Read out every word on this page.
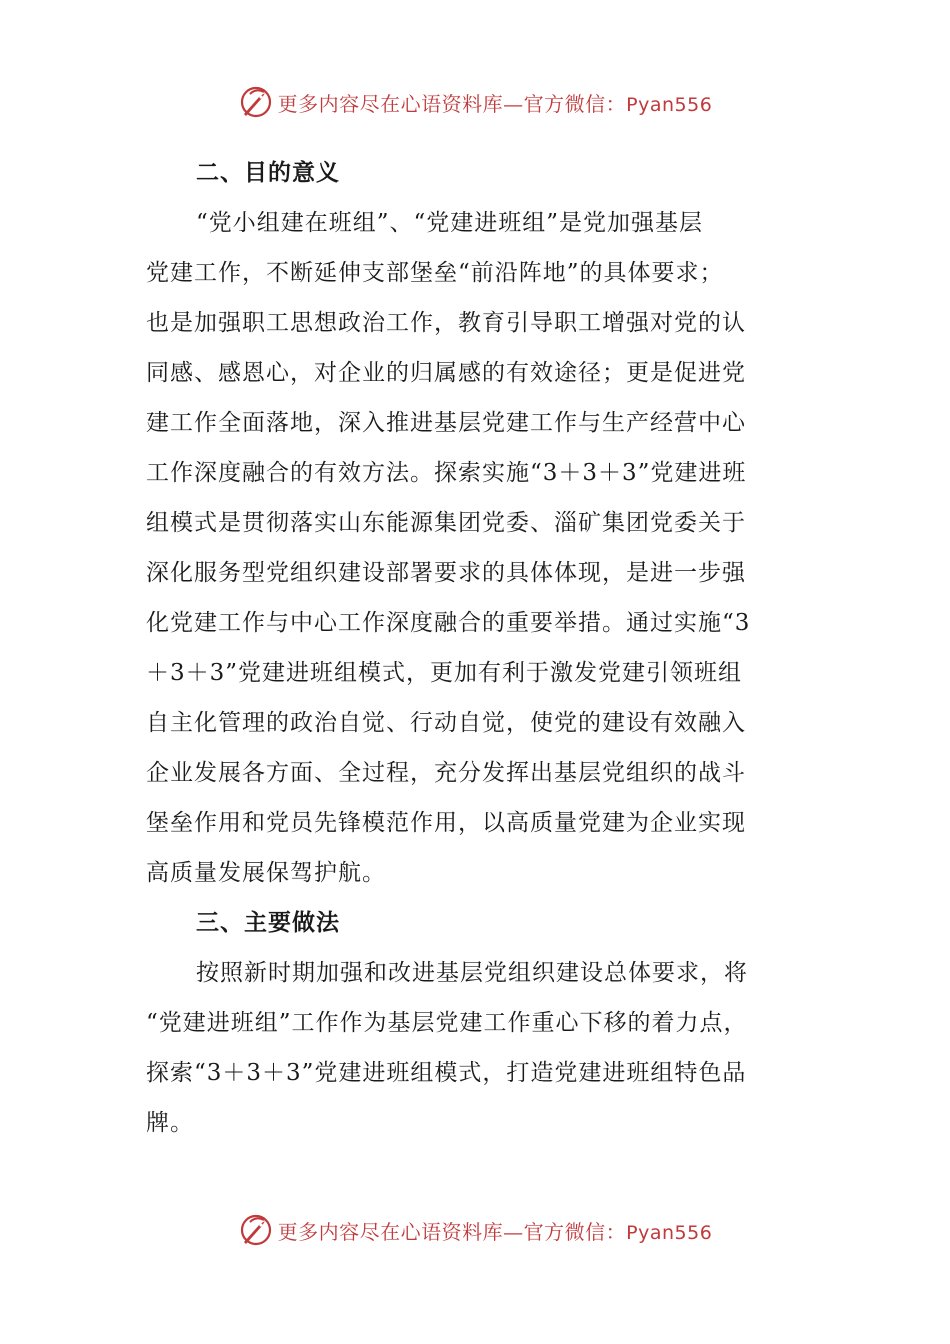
更多内容尽在心语资料库—官方微信：Pyan556
二、目的意义
“党小组建在班组”、“党建进班组”是党加强基层
党建工作，不断延伸支部堡垒“前沿阵地”的具体要求；
也是加强职工思想政治工作，教育引导职工增强对党的认
同感、感恩心，对企业的归属感的有效途径；更是促进党
建工作全面落地，深入推进基层党建工作与生产经营中心
工作深度融合的有效方法。探索实施“3＋3＋3”党建进班
组模式是贯彻落实山东能源集团党委、淄矿集团党委关于
深化服务型党组织建设部署要求的具体体现，是进一步强
化党建工作与中心工作深度融合的重要举措。通过实施“3
＋3＋3”党建进班组模式，更加有利于激发党建引领班组
自主化管理的政治自觉、行动自觉，使党的建设有效融入
企业发展各方面、全过程，充分发挥出基层党组织的战斗
堡垒作用和党员先锋模范作用，以高质量党建为企业实现
高质量发展保驾护航。
三、主要做法
按照新时期加强和改进基层党组织建设总体要求，将
“党建进班组”工作作为基层党建工作重心下移的着力点，
探索“3＋3＋3”党建进班组模式，打造党建进班组特色品
牌。
更多内容尽在心语资料库—官方微信：Pyan556
